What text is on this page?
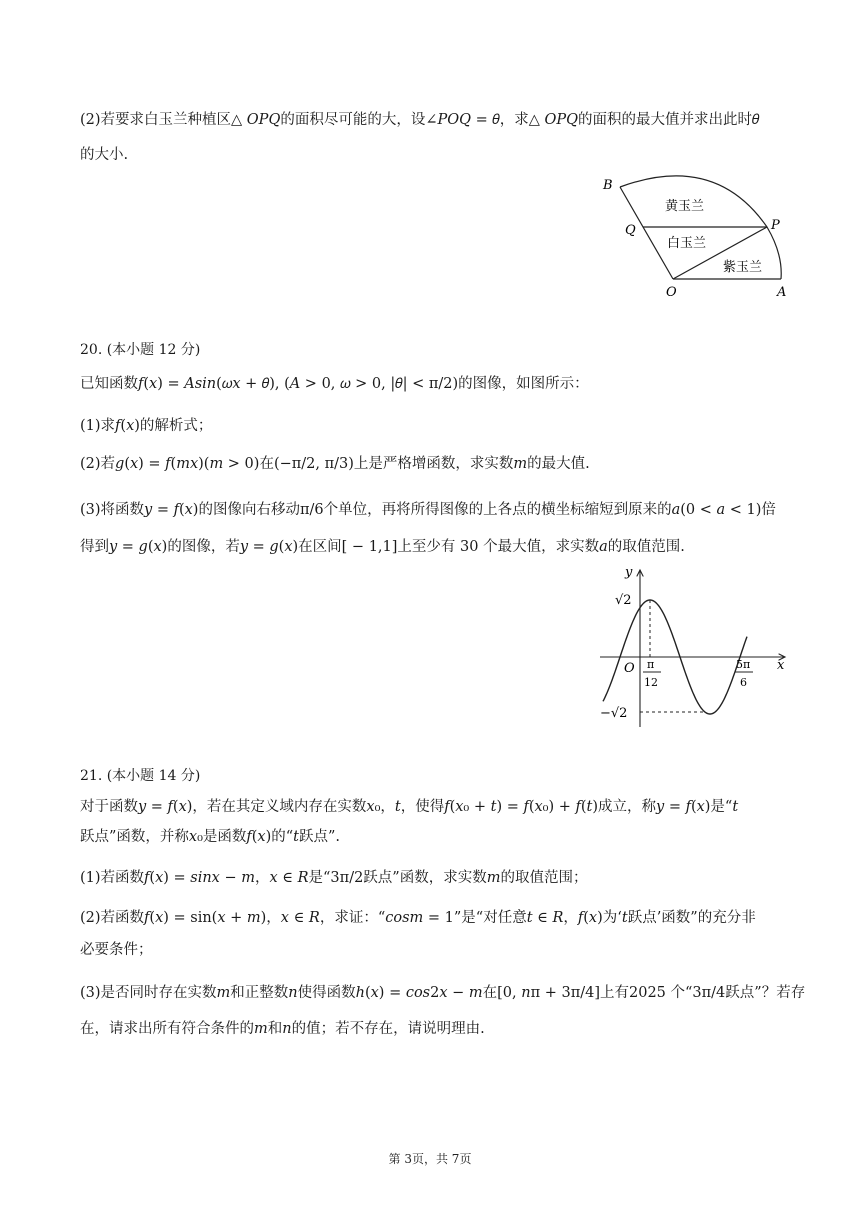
(2)若要求白玉兰种植区△ 𝑂𝑃𝑄的面积尽可能的大，设∠𝑃𝑂𝑄 = 𝜃，求△ 𝑂𝑃𝑄的面积的最大值并求出此时𝜃
的大小.
B
Q	P
O	A
黄玉兰
白玉兰
紫玉兰
20. (本小题 12 分)
已知函数𝑓(𝑥) = 𝐴𝑠𝑖𝑛(𝜔𝑥 + 𝜃), (𝐴 > 0, 𝜔 > 0, |𝜃| < π/2)的图像，如图所示：
(1)求𝑓(𝑥)的解析式；
(2)若𝑔(𝑥) = 𝑓(𝑚𝑥)(𝑚 > 0)在(−π/2, π/3)上是严格增函数，求实数𝑚的最大值.
(3)将函数𝑦 = 𝑓(𝑥)的图像向右移动π/6个单位，再将所得图像的上各点的横坐标缩短到原来的𝑎(0 < 𝑎 < 1)倍
得到𝑦 = 𝑔(𝑥)的图像，若𝑦 = 𝑔(𝑥)在区间[ − 1,1]上至少有 30 个最大值，求实数𝑎的取值范围.
y
x
O
√2
−√2
π
12
5π
6
21. (本小题 14 分)
对于函数𝑦 = 𝑓(𝑥)，若在其定义域内存在实数𝑥₀，𝑡，使得𝑓(𝑥₀ + 𝑡) = 𝑓(𝑥₀) + 𝑓(𝑡)成立，称𝑦 = 𝑓(𝑥)是“𝑡
跃点”函数，并称𝑥₀是函数𝑓(𝑥)的“𝑡跃点”.
(1)若函数𝑓(𝑥) = 𝑠𝑖𝑛𝑥 − 𝑚，𝑥 ∈ 𝑅是“3π/2跃点”函数，求实数𝑚的取值范围；
(2)若函数𝑓(𝑥) = sin(𝑥 + 𝑚)，𝑥 ∈ 𝑅，求证：“𝑐𝑜𝑠𝑚 = 1”是“对任意𝑡 ∈ 𝑅，𝑓(𝑥)为‘𝑡跃点’函数”的充分非
必要条件；
(3)是否同时存在实数𝑚和正整数𝑛使得函数ℎ(𝑥) = 𝑐𝑜𝑠2𝑥 − 𝑚在[0, 𝑛π + 3π/4]上有2025 个“3π/4跃点”？若存
在，请求出所有符合条件的𝑚和𝑛的值；若不存在，请说明理由.
第 3页，共 7页
